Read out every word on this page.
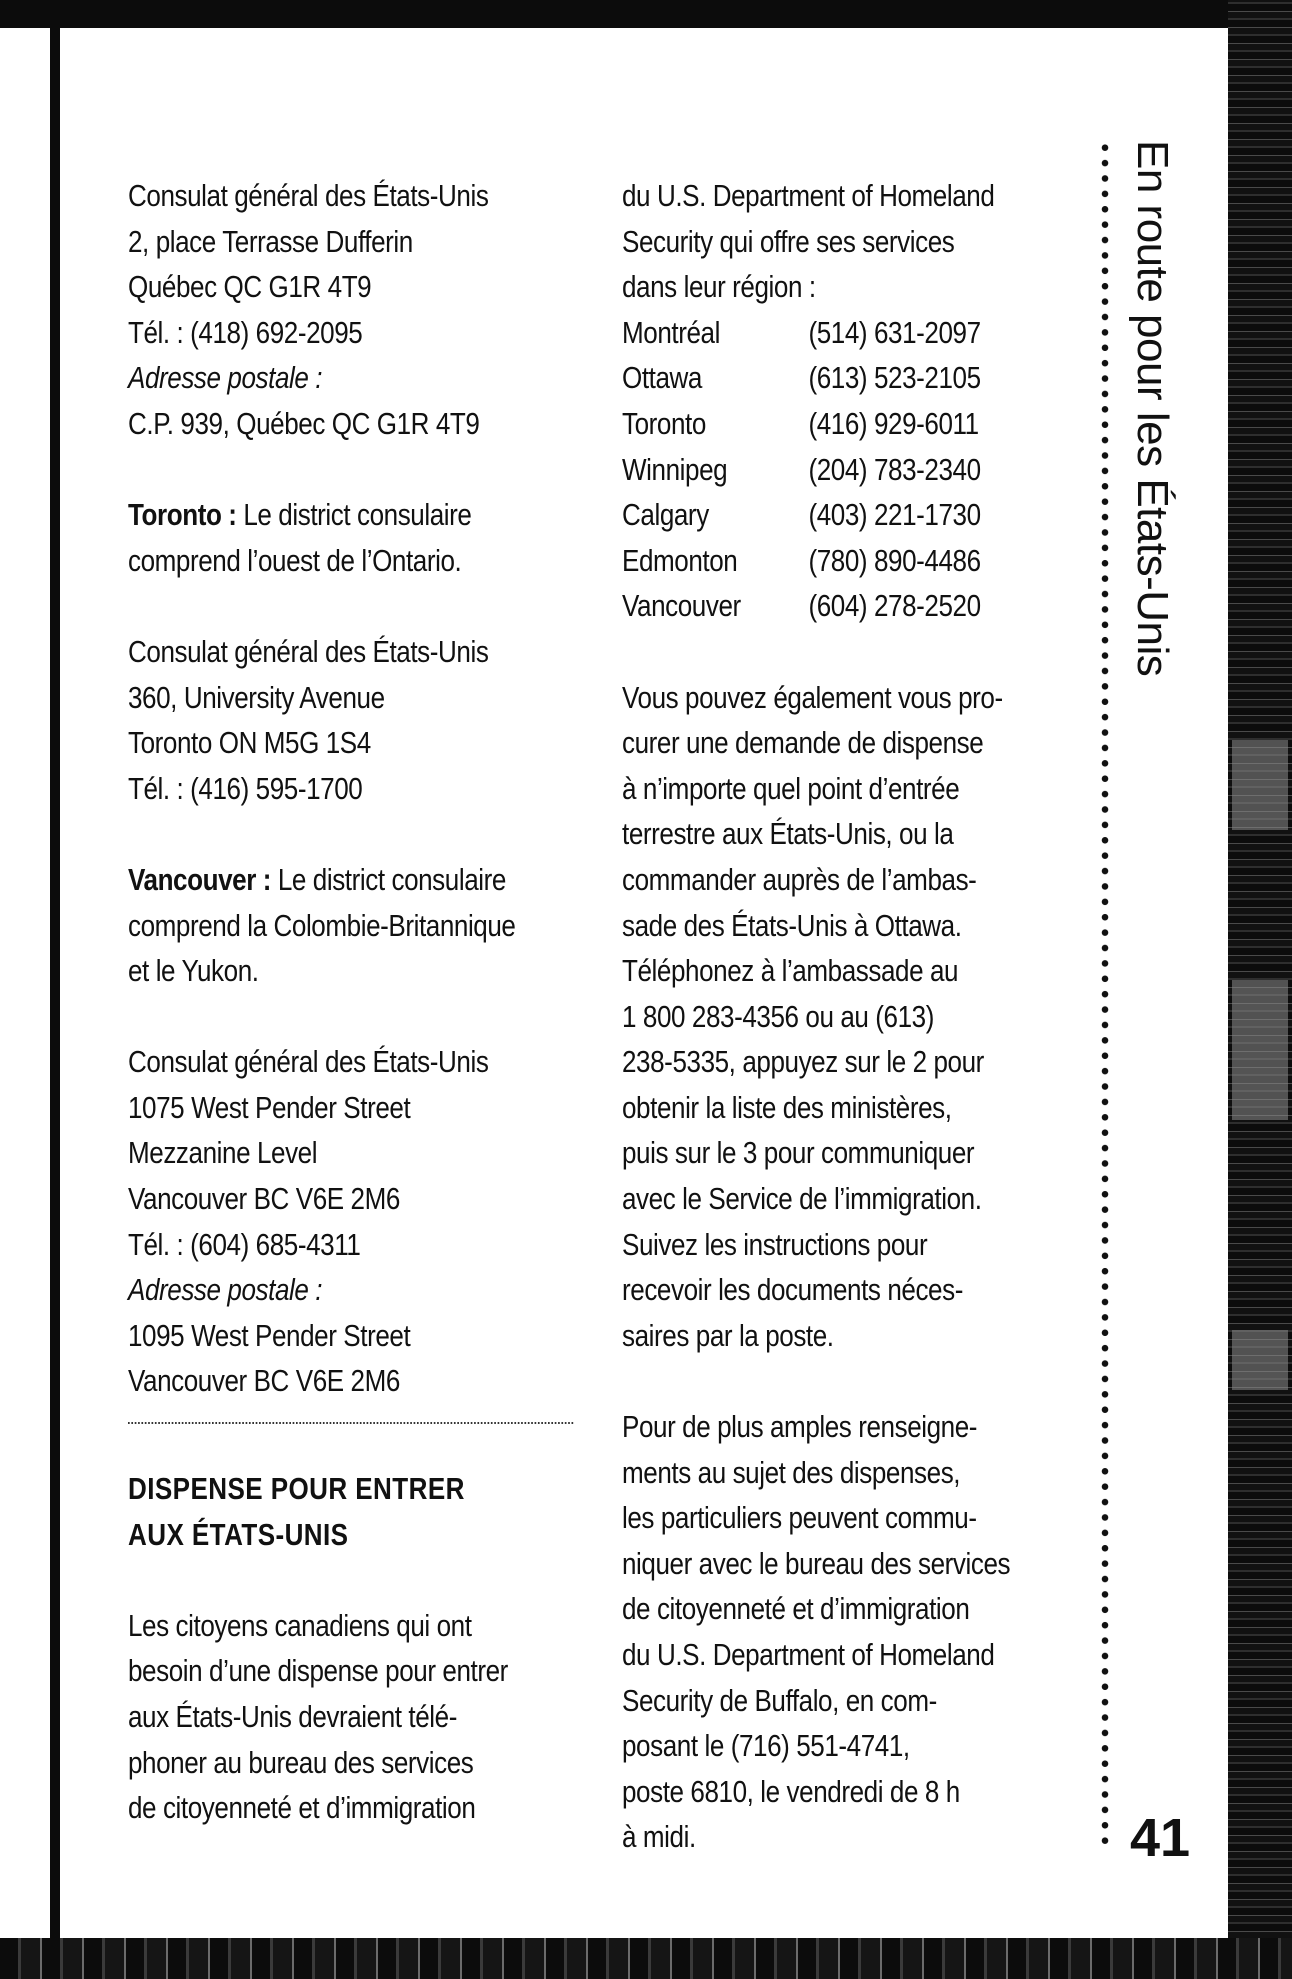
Consulat général des États-Unis
2, place Terrasse Dufferin
Québec QC G1R 4T9
Tél. : (418) 692-2095
Adresse postale :
C.P. 939, Québec QC G1R 4T9
Toronto : Le district consulaire
comprend l’ouest de l’Ontario.
Consulat général des États-Unis
360, University Avenue
Toronto ON M5G 1S4
Tél. : (416) 595-1700
Vancouver : Le district consulaire
comprend la Colombie-Britannique
et le Yukon.
Consulat général des États-Unis
1075 West Pender Street
Mezzanine Level
Vancouver BC V6E 2M6
Tél. : (604) 685-4311
Adresse postale :
1095 West Pender Street
Vancouver BC V6E 2M6
DISPENSE POUR ENTRER
AUX ÉTATS-UNIS
Les citoyens canadiens qui ont
besoin d’une dispense pour entrer
aux États-Unis devraient télé-
phoner au bureau des services
de citoyenneté et d’immigration
du U.S. Department of Homeland
Security qui offre ses services
dans leur région :
Montréal	(514) 631-2097
Ottawa	(613) 523-2105
Toronto	(416) 929-6011
Winnipeg	(204) 783-2340
Calgary	(403) 221-1730
Edmonton	(780) 890-4486
Vancouver	(604) 278-2520
Vous pouvez également vous pro-
curer une demande de dispense
à n’importe quel point d’entrée
terrestre aux États-Unis, ou la
commander auprès de l’ambas-
sade des États-Unis à Ottawa.
Téléphonez à l’ambassade au
1 800 283-4356 ou au (613)
238-5335, appuyez sur le 2 pour
obtenir la liste des ministères,
puis sur le 3 pour communiquer
avec le Service de l’immigration.
Suivez les instructions pour
recevoir les documents néces-
saires par la poste.
Pour de plus amples renseigne-
ments au sujet des dispenses,
les particuliers peuvent commu-
niquer avec le bureau des services
de citoyenneté et d’immigration
du U.S. Department of Homeland
Security de Buffalo, en com-
posant le (716) 551-4741,
poste 6810, le vendredi de 8 h
à midi.
En route pour les États-Unis
41
